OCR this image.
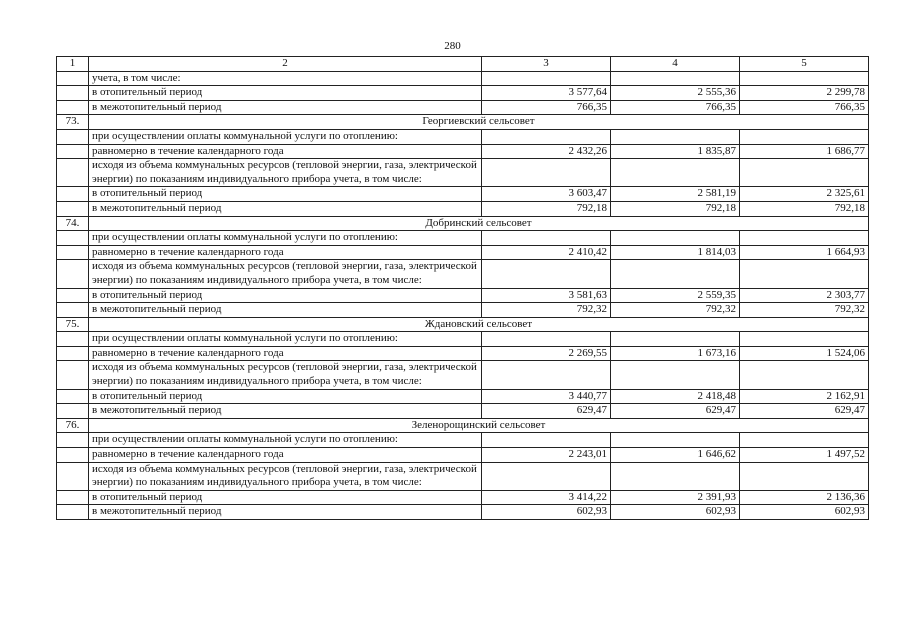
280
1	2	3	4	5
	учета, в том числе:			
	в отопительный период	3 577,64	2 555,36	2 299,78
	в межотопительный период	766,35	766,35	766,35
73.	Георгиевский сельсовет			
	при осуществлении оплаты коммунальной услуги по отоплению:			
	равномерно в течение календарного года	2 432,26	1 835,87	1 686,77
	исходя из объема коммунальных ресурсов (тепловой энергии, газа, электрической энергии) по показаниям индивидуального прибора учета, в том числе:			
	в отопительный период	3 603,47	2 581,19	2 325,61
	в межотопительный период	792,18	792,18	792,18
74.	Добринский сельсовет			
	при осуществлении оплаты коммунальной услуги по отоплению:			
	равномерно в течение календарного года	2 410,42	1 814,03	1 664,93
	исходя из объема коммунальных ресурсов (тепловой энергии, газа, электрической энергии) по показаниям индивидуального прибора учета, в том числе:			
	в отопительный период	3 581,63	2 559,35	2 303,77
	в межотопительный период	792,32	792,32	792,32
75.	Ждановский сельсовет			
	при осуществлении оплаты коммунальной услуги по отоплению:			
	равномерно в течение календарного года	2 269,55	1 673,16	1 524,06
	исходя из объема коммунальных ресурсов (тепловой энергии, газа, электрической энергии) по показаниям индивидуального прибора учета, в том числе:			
	в отопительный период	3 440,77	2 418,48	2 162,91
	в межотопительный период	629,47	629,47	629,47
76.	Зеленорощинский сельсовет			
	при осуществлении оплаты коммунальной услуги по отоплению:			
	равномерно в течение календарного года	2 243,01	1 646,62	1 497,52
	исходя из объема коммунальных ресурсов (тепловой энергии, газа, электрической энергии) по показаниям индивидуального прибора учета, в том числе:			
	в отопительный период	3 414,22	2 391,93	2 136,36
	в межотопительный период	602,93	602,93	602,93
